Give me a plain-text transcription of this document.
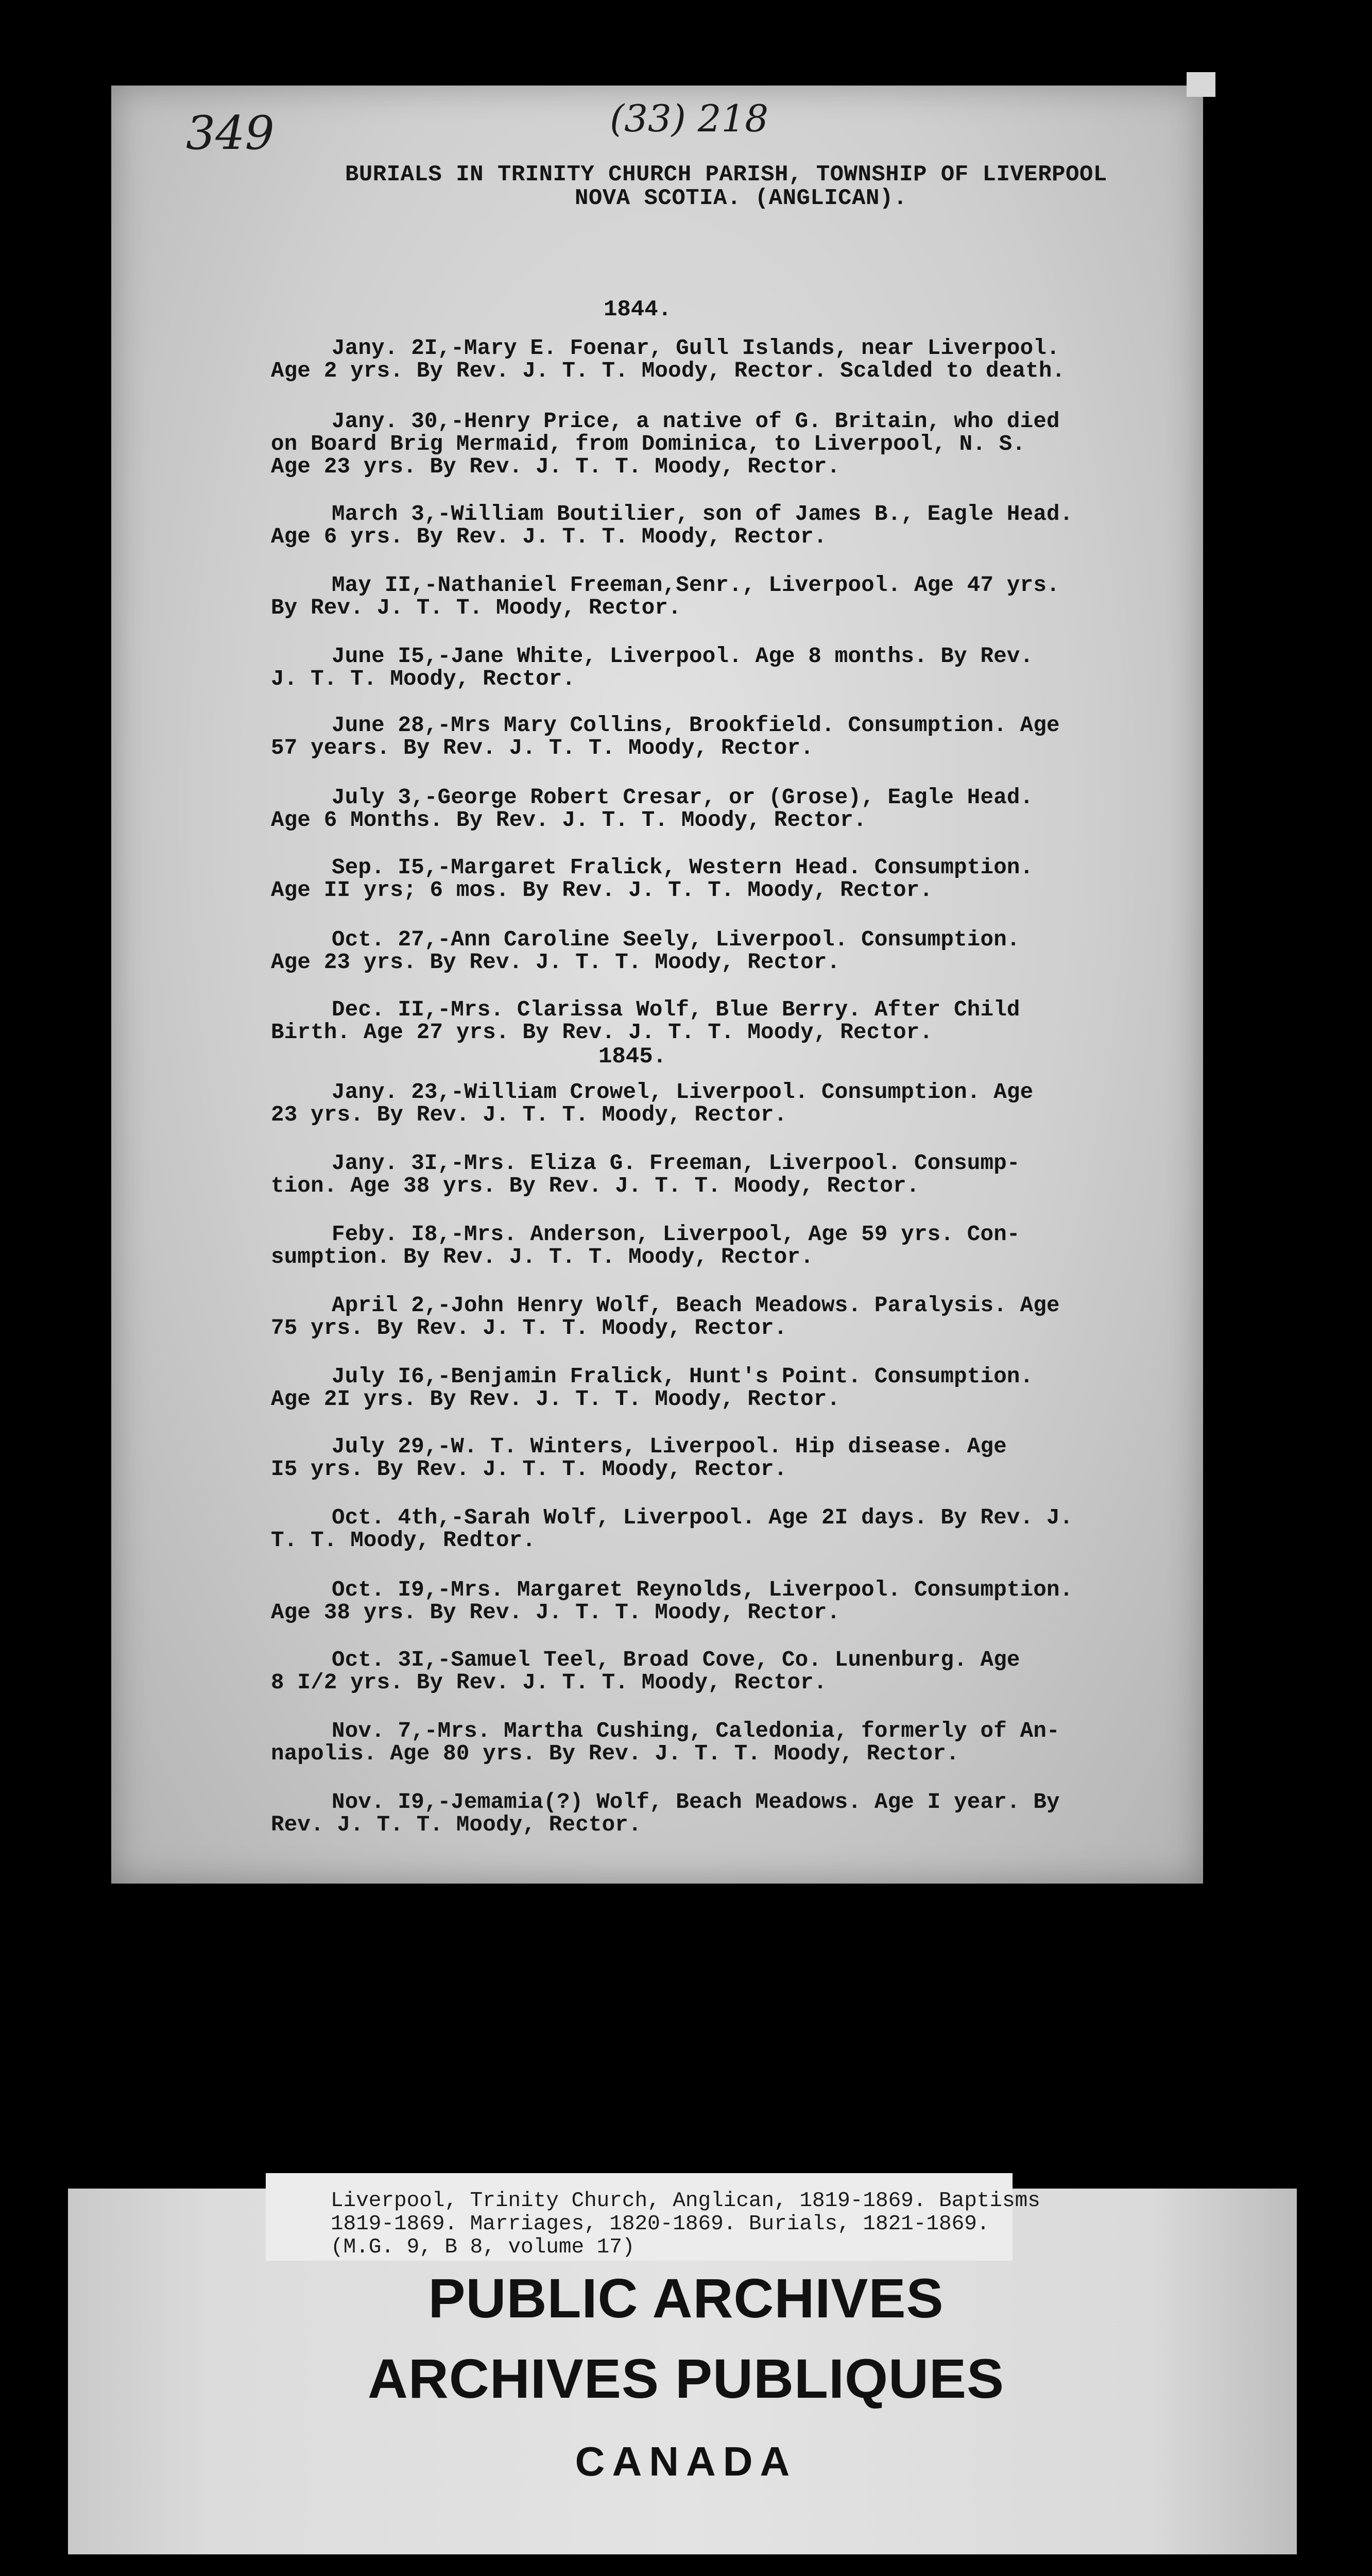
349	(33) 218
BURIALS IN TRINITY CHURCH PARISH, TOWNSHIP OF LIVERPOOL
NOVA SCOTIA. (ANGLICAN).
1844.
Jany. 2I,-Mary E. Foenar, Gull Islands, near Liverpool.
Age 2 yrs. By Rev. J. T. T. Moody, Rector. Scalded to death.
Jany. 30,-Henry Price, a native of G. Britain, who died
on Board Brig Mermaid, from Dominica, to Liverpool, N. S.
Age 23 yrs. By Rev. J. T. T. Moody, Rector.
March 3,-William Boutilier, son of James B., Eagle Head.
Age 6 yrs. By Rev. J. T. T. Moody, Rector.
May II,-Nathaniel Freeman,Senr., Liverpool. Age 47 yrs.
By Rev. J. T. T. Moody, Rector.
June I5,-Jane White, Liverpool. Age 8 months. By Rev.
J. T. T. Moody, Rector.
June 28,-Mrs Mary Collins, Brookfield. Consumption. Age
57 years. By Rev. J. T. T. Moody, Rector.
July 3,-George Robert Cresar, or (Grose), Eagle Head.
Age 6 Months. By Rev. J. T. T. Moody, Rector.
Sep. I5,-Margaret Fralick, Western Head. Consumption.
Age II yrs; 6 mos. By Rev. J. T. T. Moody, Rector.
Oct. 27,-Ann Caroline Seely, Liverpool. Consumption.
Age 23 yrs. By Rev. J. T. T. Moody, Rector.
Dec. II,-Mrs. Clarissa Wolf, Blue Berry. After Child
Birth. Age 27 yrs. By Rev. J. T. T. Moody, Rector.
1845.
Jany. 23,-William Crowel, Liverpool. Consumption. Age
23 yrs. By Rev. J. T. T. Moody, Rector.
Jany. 3I,-Mrs. Eliza G. Freeman, Liverpool. Consump-
tion. Age 38 yrs. By Rev. J. T. T. Moody, Rector.
Feby. I8,-Mrs. Anderson, Liverpool, Age 59 yrs. Con-
sumption. By Rev. J. T. T. Moody, Rector.
April 2,-John Henry Wolf, Beach Meadows. Paralysis. Age
75 yrs. By Rev. J. T. T. Moody, Rector.
July I6,-Benjamin Fralick, Hunt's Point. Consumption.
Age 2I yrs. By Rev. J. T. T. Moody, Rector.
July 29,-W. T. Winters, Liverpool. Hip disease. Age
I5 yrs. By Rev. J. T. T. Moody, Rector.
Oct. 4th,-Sarah Wolf, Liverpool. Age 2I days. By Rev. J.
T. T. Moody, Redtor.
Oct. I9,-Mrs. Margaret Reynolds, Liverpool. Consumption.
Age 38 yrs. By Rev. J. T. T. Moody, Rector.
Oct. 3I,-Samuel Teel, Broad Cove, Co. Lunenburg. Age
8 I/2 yrs. By Rev. J. T. T. Moody, Rector.
Nov. 7,-Mrs. Martha Cushing, Caledonia, formerly of An-
napolis. Age 80 yrs. By Rev. J. T. T. Moody, Rector.
Nov. I9,-Jemamia(?) Wolf, Beach Meadows. Age I year. By
Rev. J. T. T. Moody, Rector.
Liverpool, Trinity Church, Anglican, 1819-1869. Baptisms
1819-1869. Marriages, 1820-1869. Burials, 1821-1869.
(M.G. 9, B 8, volume 17)
PUBLIC ARCHIVES
ARCHIVES PUBLIQUES
CANADA
